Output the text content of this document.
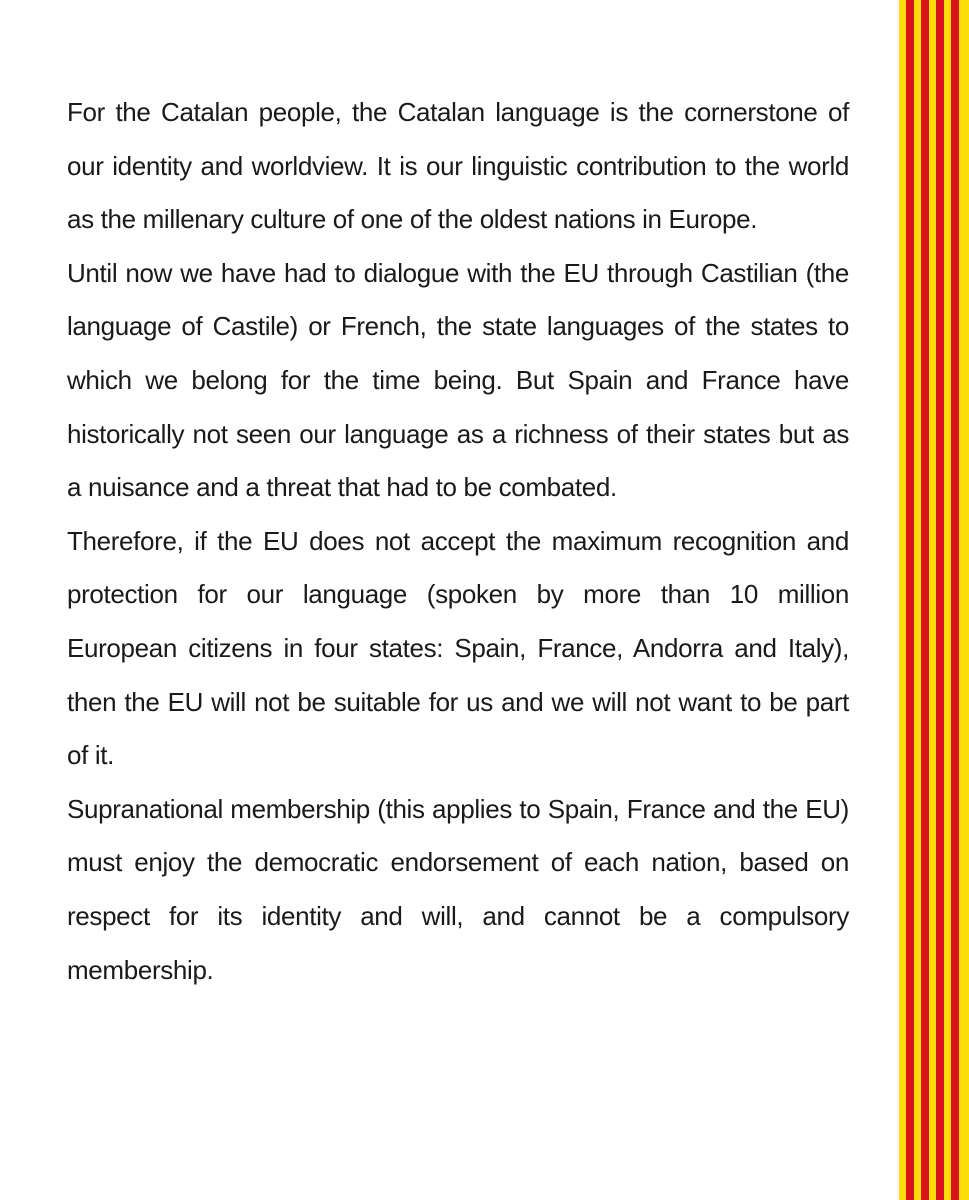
For the Catalan people, the Catalan language is the cornerstone of our identity and worldview. It is our linguistic contribution to the world as the millenary culture of one of the oldest nations in Europe.

Until now we have had to dialogue with the EU through Castilian (the language of Castile) or French, the state languages of the states to which we belong for the time being. But Spain and France have historically not seen our language as a richness of their states but as a nuisance and a threat that had to be combated.

Therefore, if the EU does not accept the maximum recognition and protection for our language (spoken by more than 10 million European citizens in four states: Spain, France, Andorra and Italy), then the EU will not be suitable for us and we will not want to be part of it.

Supranational membership (this applies to Spain, France and the EU) must enjoy the democratic endorsement of each nation, based on respect for its identity and will, and cannot be a compulsory membership.
